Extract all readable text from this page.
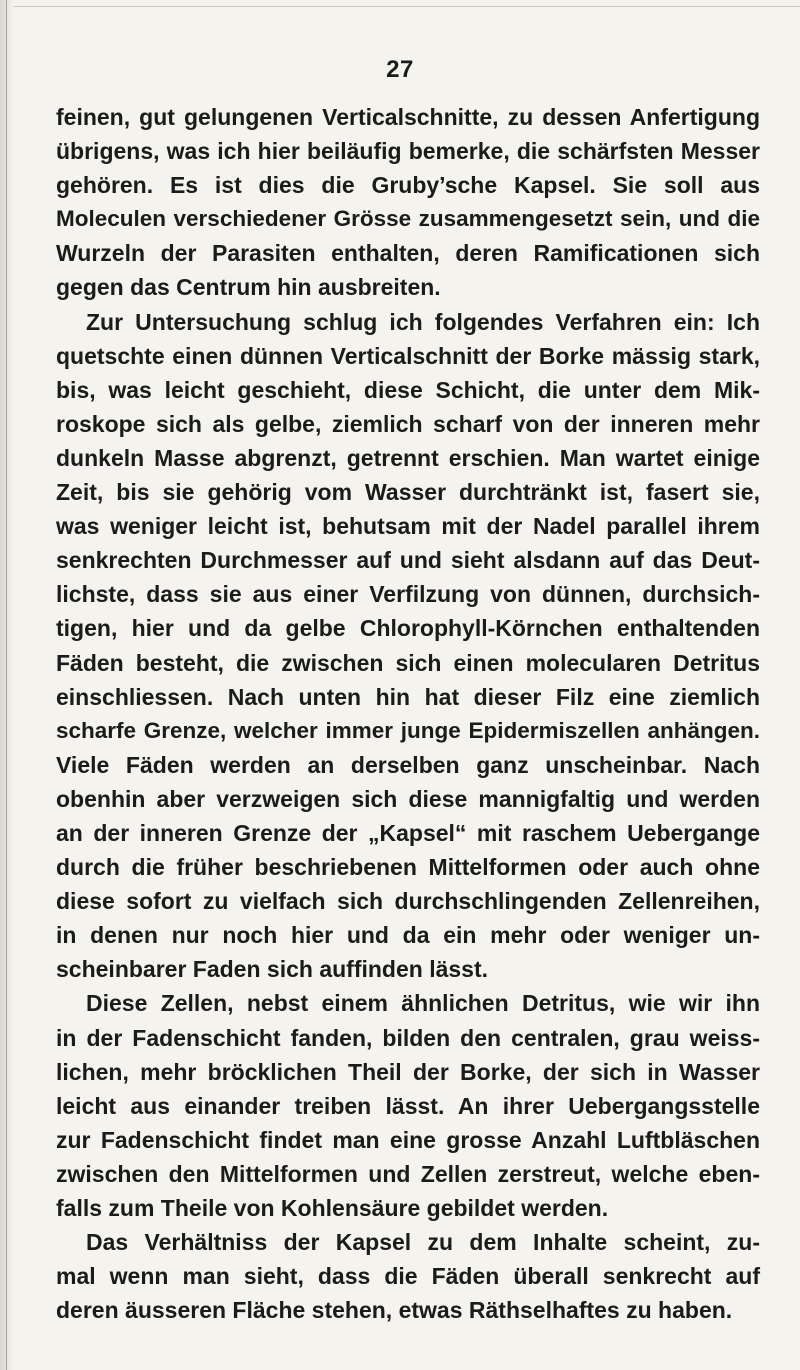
27
feinen, gut gelungenen Verticalschnitte, zu dessen Anfertigung
übrigens, was ich hier beiläufig bemerke, die schärfsten Messer
gehören. Es ist dies die Gruby’sche Kapsel. Sie soll aus
Moleculen verschiedener Grösse zusammengesetzt sein, und die
Wurzeln der Parasiten enthalten, deren Ramificationen sich
gegen das Centrum hin ausbreiten.
Zur Untersuchung schlug ich folgendes Verfahren ein: Ich
quetschte einen dünnen Verticalschnitt der Borke mässig stark,
bis, was leicht geschieht, diese Schicht, die unter dem Mik-
roskope sich als gelbe, ziemlich scharf von der inneren mehr
dunkeln Masse abgrenzt, getrennt erschien. Man wartet einige
Zeit, bis sie gehörig vom Wasser durchtränkt ist, fasert sie,
was weniger leicht ist, behutsam mit der Nadel parallel ihrem
senkrechten Durchmesser auf und sieht alsdann auf das Deut-
lichste, dass sie aus einer Verfilzung von dünnen, durchsich-
tigen, hier und da gelbe Chlorophyll-Körnchen enthaltenden
Fäden besteht, die zwischen sich einen molecularen Detritus
einschliessen. Nach unten hin hat dieser Filz eine ziemlich
scharfe Grenze, welcher immer junge Epidermiszellen anhängen.
Viele Fäden werden an derselben ganz unscheinbar. Nach
obenhin aber verzweigen sich diese mannigfaltig und werden
an der inneren Grenze der „Kapsel“ mit raschem Uebergange
durch die früher beschriebenen Mittelformen oder auch ohne
diese sofort zu vielfach sich durchschlingenden Zellenreihen,
in denen nur noch hier und da ein mehr oder weniger un-
scheinbarer Faden sich auffinden lässt.
Diese Zellen, nebst einem ähnlichen Detritus, wie wir ihn
in der Fadenschicht fanden, bilden den centralen, grau weiss-
lichen, mehr bröcklichen Theil der Borke, der sich in Wasser
leicht aus einander treiben lässt. An ihrer Uebergangsstelle
zur Fadenschicht findet man eine grosse Anzahl Luftbläschen
zwischen den Mittelformen und Zellen zerstreut, welche eben-
falls zum Theile von Kohlensäure gebildet werden.
Das Verhältniss der Kapsel zu dem Inhalte scheint, zu-
mal wenn man sieht, dass die Fäden überall senkrecht auf
deren äusseren Fläche stehen, etwas Räthselhaftes zu haben.
